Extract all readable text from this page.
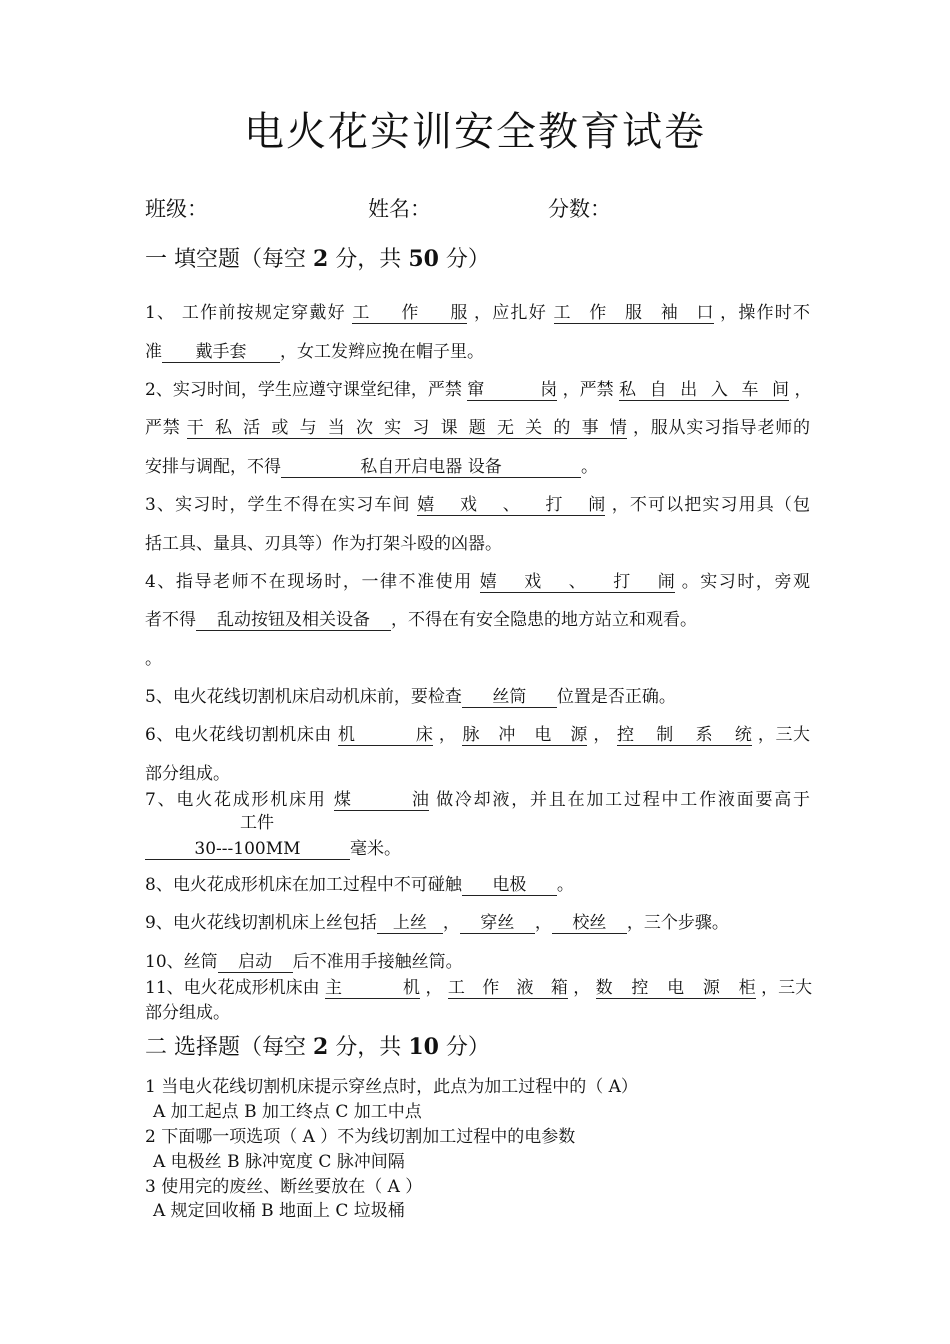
电火花实训安全教育试卷
班级：	姓名：	分数：
一 填空题（每空 2 分，共 50 分）
1、 工作前按规定穿戴好 工作服 ，应扎好 工作服袖口 ，操作时不
准 戴手套 ，女工发辫应挽在帽子里。
2、实习时间，学生应遵守课堂纪律，严禁 窜岗 ，严禁 私自出入车间 ，
严禁 干私活或与当次实习课题无关的事情 ，服从实习指导老师的
安排与调配，不得	私自开启电器 设备	。
3、实习时，学生不得在实习车间 嬉戏、打闹 ，不可以把实习用具（包
括工具、量具、刃具等）作为打架斗殴的凶器。
4、指导老师不在现场时，一律不准使用 嬉戏、打闹 。实习时，旁观
者不得 乱动按钮及相关设备 ，不得在有安全隐患的地方站立和观看。
。
5、电火花线切割机床启动机床前，要检查 丝筒 位置是否正确。
6、电火花线切割机床由 机床 ， 脉冲电源 ， 控制系统 ，三大
部分组成。
7、电火花成形机床用 煤油 做冷却液，并且在加工过程中工作液面要高于
工件
30---100MM	毫米。
8、电火花成形机床在加工过程中不可碰触 电极 。
9、电火花线切割机床上丝包括 上丝 ， 穿丝 ， 校丝 ，三个步骤。
10、丝筒 启动 后不准用手接触丝筒。
11、电火花成形机床由 主机 ， 工作液箱 ， 数控电源柜 ，三大
部分组成。
二 选择题（每空 2 分，共 10 分）
1 当电火花线切割机床提示穿丝点时，此点为加工过程中的（ A）
A 加工起点 B 加工终点 C 加工中点
2 下面哪一项选项（ A ）不为线切割加工过程中的电参数
A 电极丝 B 脉冲宽度 C 脉冲间隔
3 使用完的废丝、断丝要放在（ A ）
A 规定回收桶 B 地面上 C 垃圾桶
